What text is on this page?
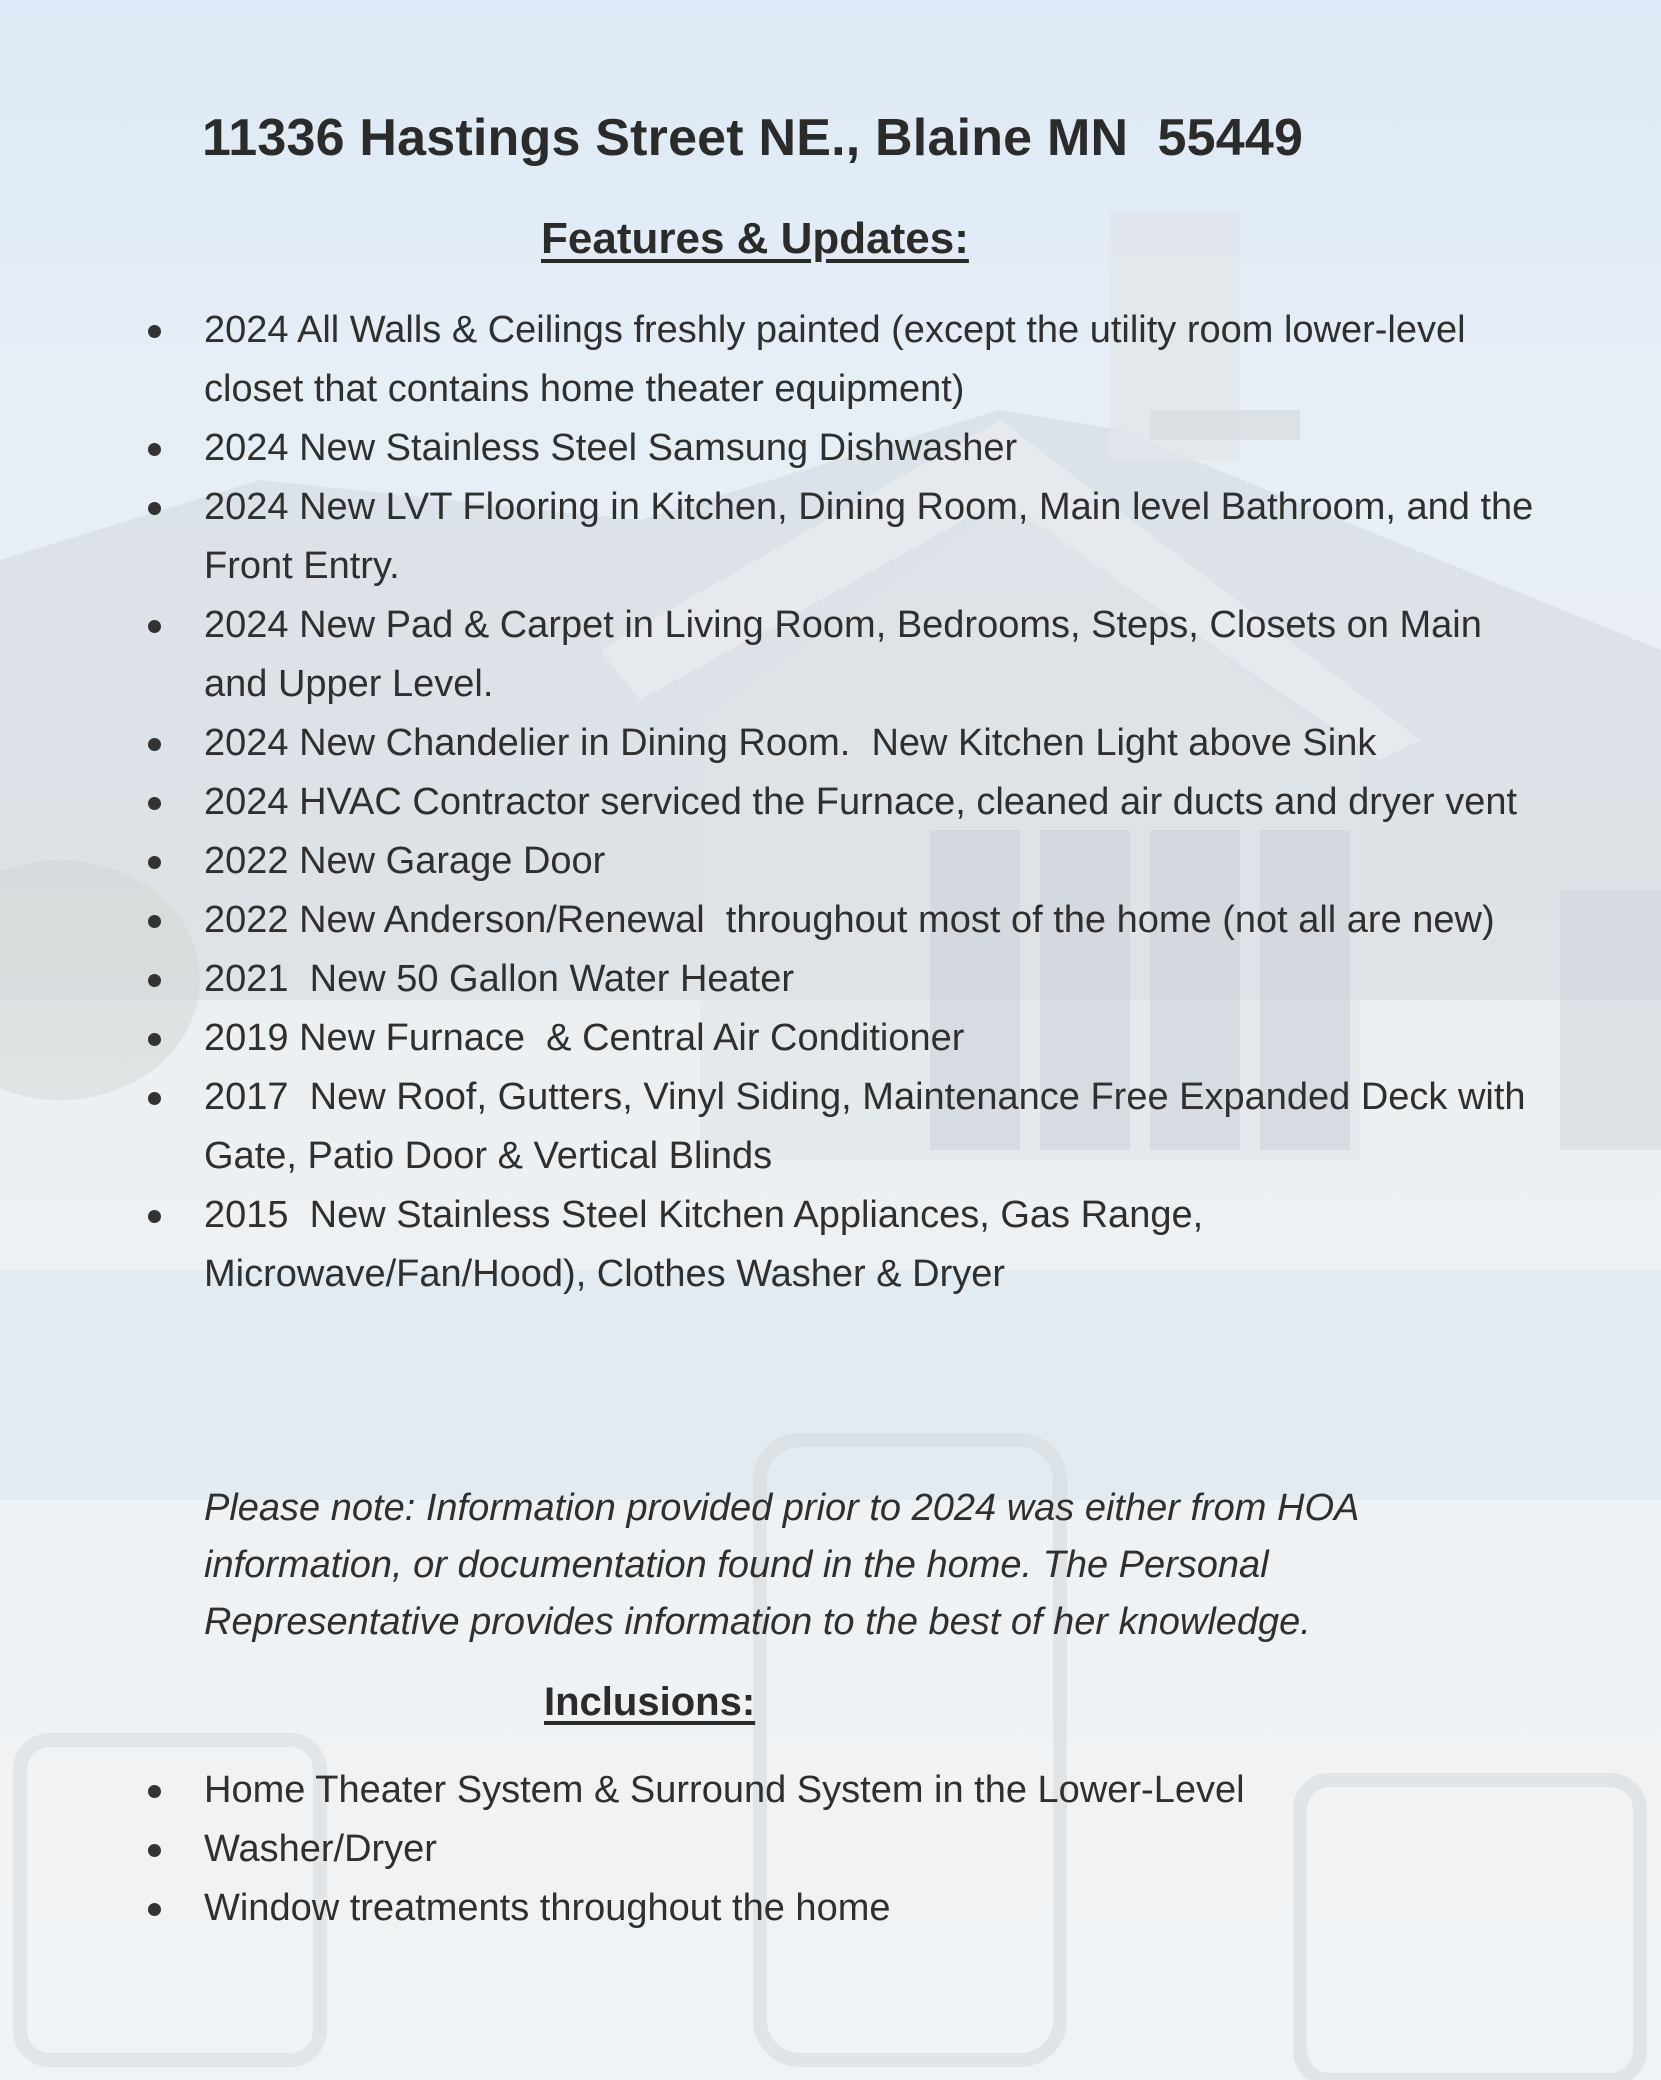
11336 Hastings Street NE., Blaine MN  55449
Features & Updates:
2024 All Walls & Ceilings freshly painted (except the utility room lower-level closet that contains home theater equipment)
2024 New Stainless Steel Samsung Dishwasher
2024 New LVT Flooring in Kitchen, Dining Room, Main level Bathroom, and the Front Entry.
2024 New Pad & Carpet in Living Room, Bedrooms, Steps, Closets on Main and Upper Level.
2024 New Chandelier in Dining Room.  New Kitchen Light above Sink
2024 HVAC Contractor serviced the Furnace, cleaned air ducts and dryer vent
2022 New Garage Door
2022 New Anderson/Renewal  throughout most of the home (not all are new)
2021  New 50 Gallon Water Heater
2019 New Furnace  & Central Air Conditioner
2017  New Roof, Gutters, Vinyl Siding, Maintenance Free Expanded Deck with Gate, Patio Door & Vertical Blinds
2015  New Stainless Steel Kitchen Appliances, Gas Range, Microwave/Fan/Hood), Clothes Washer & Dryer
Please note: Information provided prior to 2024 was either from HOA information, or documentation found in the home. The Personal Representative provides information to the best of her knowledge.
Inclusions:
Home Theater System & Surround System in the Lower-Level
Washer/Dryer
Window treatments throughout the home
